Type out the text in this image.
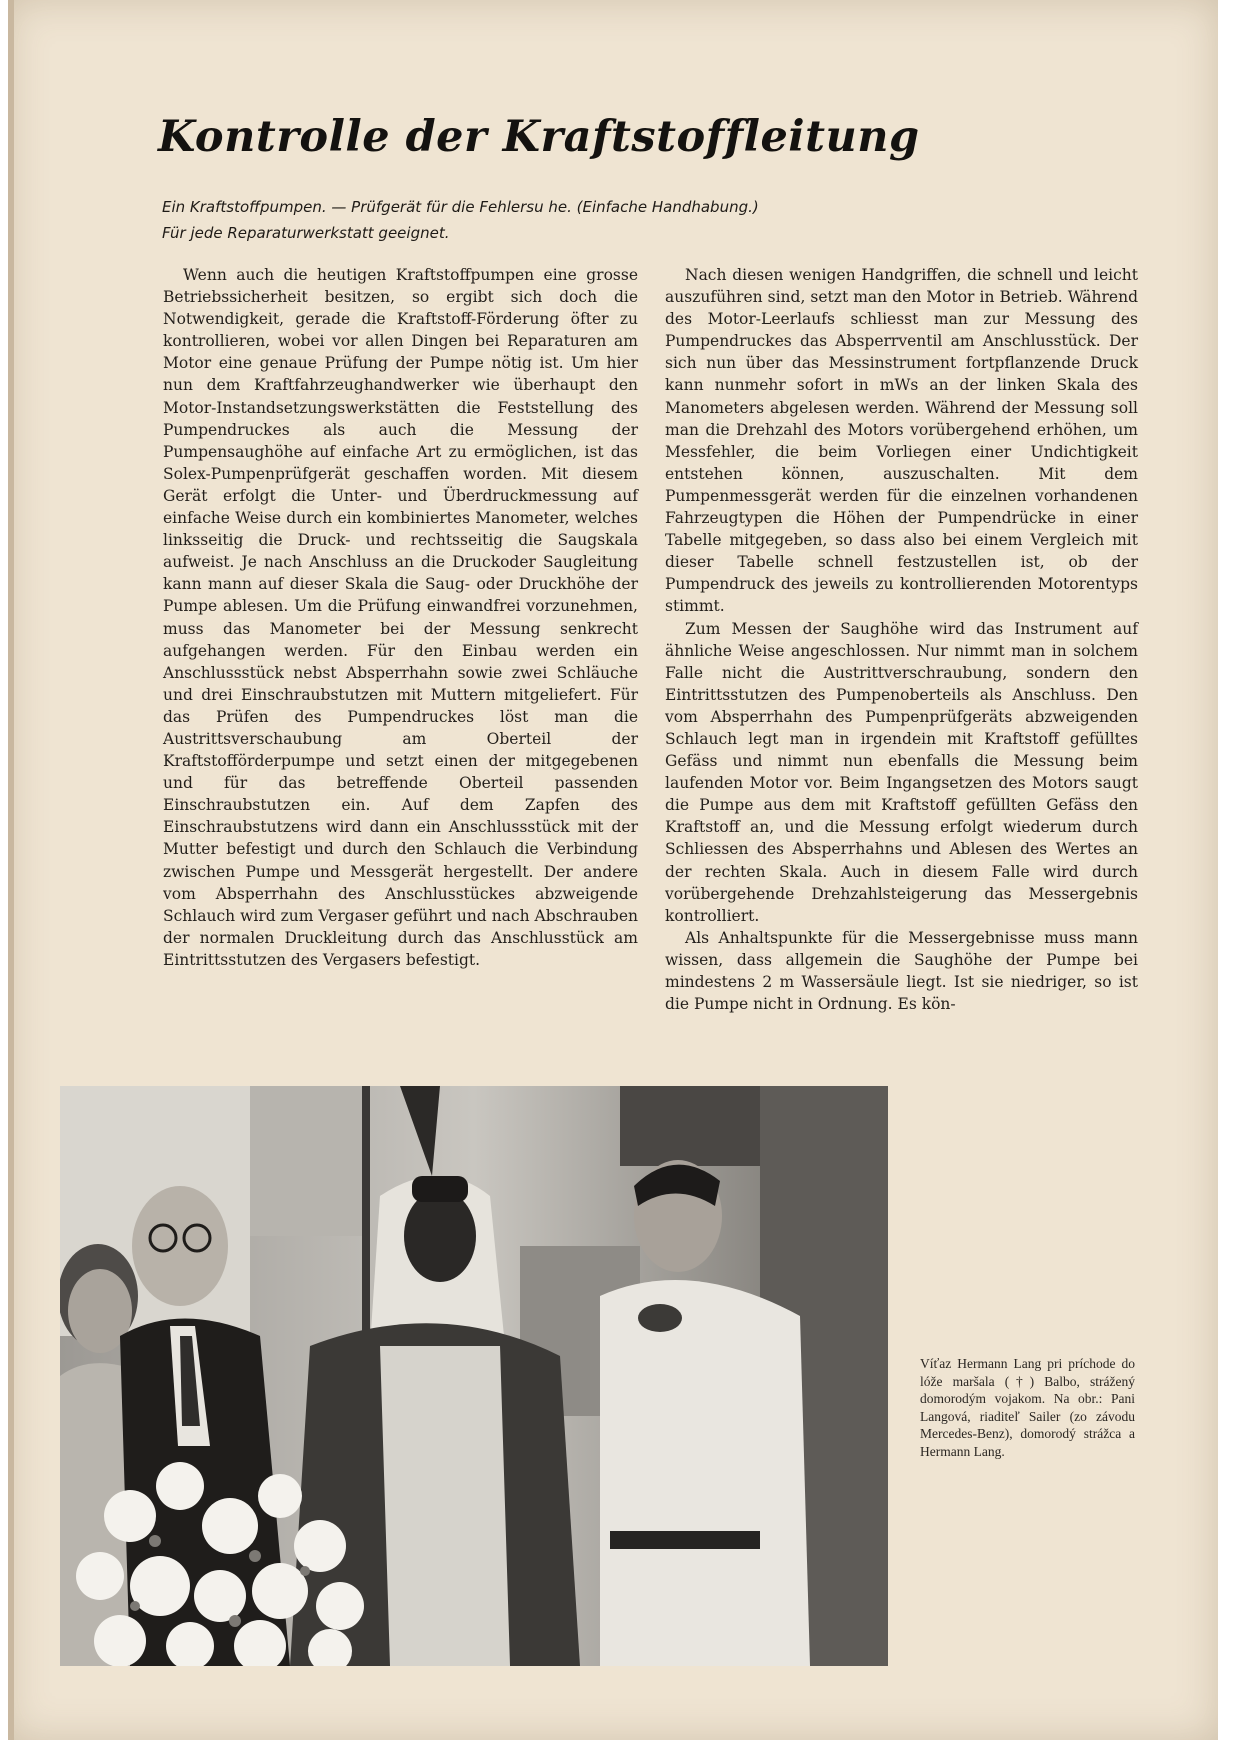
Kontrolle der Kraftstoffleitung

Ein Kraftstoffpumpen. — Prüfgerät für die Fehlersu he. (Einfache Handhabung.)

Für jede Reparaturwerkstatt geeignet.

Wenn auch die heutigen Kraftstoffpumpen eine grosse Betriebssicherheit besitzen, so ergibt sich doch die Notwendigkeit, gerade die Kraftstoff-Förderung öfter zu kontrollieren, wobei vor allen Dingen bei Reparaturen am Motor eine genaue Prüfung der Pumpe nötig ist. Um hier nun dem Kraftfahrzeughandwerker wie überhaupt den Motor-Instandsetzungswerkstätten die Feststellung des Pumpendruckes als auch die Messung der Pumpensaughöhe auf einfache Art zu ermöglichen, ist das Solex-Pumpenprüfgerät geschaffen worden. Mit diesem Gerät erfolgt die Unter- und Überdruckmessung auf einfache Weise durch ein kombiniertes Manometer, welches linksseitig die Druck- und rechtsseitig die Saugskala aufweist. Je nach Anschluss an die Druckoder Saugleitung kann mann auf dieser Skala die Saug- oder Druckhöhe der Pumpe ablesen. Um die Prüfung einwandfrei vorzunehmen, muss das Manometer bei der Messung senkrecht aufgehangen werden. Für den Einbau werden ein Anschlussstück nebst Absperrhahn sowie zwei Schläuche und drei Einschraubstutzen mit Muttern mitgeliefert. Für das Prüfen des Pumpendruckes löst man die Austrittsverschaubung am Oberteil der Kraftstofförderpumpe und setzt einen der mitgegebenen und für das betreffende Oberteil passenden Einschraubstutzen ein. Auf dem Zapfen des Einschraubstutzens wird dann ein Anschlussstück mit der Mutter befestigt und durch den Schlauch die Verbindung zwischen Pumpe und Messgerät hergestellt. Der andere vom Absperrhahn des Anschlusstückes abzweigende Schlauch wird zum Vergaser geführt und nach Abschrauben der normalen Druckleitung durch das Anschlusstück am Eintrittsstutzen des Vergasers befestigt.

Nach diesen wenigen Handgriffen, die schnell und leicht auszuführen sind, setzt man den Motor in Betrieb. Während des Motor-Leerlaufs schliesst man zur Messung des Pumpendruckes das Absperrventil am Anschlusstück. Der sich nun über das Messinstrument fortpflanzende Druck kann nunmehr sofort in mWs an der linken Skala des Manometers abgelesen werden. Während der Messung soll man die Drehzahl des Motors vorübergehend erhöhen, um Messfehler, die beim Vorliegen einer Undichtigkeit entstehen können, auszuschalten. Mit dem Pumpenmessgerät werden für die einzelnen vorhandenen Fahrzeugtypen die Höhen der Pumpendrücke in einer Tabelle mitgegeben, so dass also bei einem Vergleich mit dieser Tabelle schnell festzustellen ist, ob der Pumpendruck des jeweils zu kontrollierenden Motorentyps stimmt.

Zum Messen der Saughöhe wird das Instrument auf ähnliche Weise angeschlossen. Nur nimmt man in solchem Falle nicht die Austrittverschraubung, sondern den Eintrittsstutzen des Pumpenoberteils als Anschluss. Den vom Absperrhahn des Pumpenprüfgeräts abzweigenden Schlauch legt man in irgendein mit Kraftstoff gefülltes Gefäss und nimmt nun ebenfalls die Messung beim laufenden Motor vor. Beim Ingangsetzen des Motors saugt die Pumpe aus dem mit Kraftstoff gefüllten Gefäss den Kraftstoff an, und die Messung erfolgt wiederum durch Schliessen des Absperrhahns und Ablesen des Wertes an der rechten Skala. Auch in diesem Falle wird durch vorübergehende Drehzahlsteigerung das Messergebnis kontrolliert.

Als Anhaltspunkte für die Messergebnisse muss mann wissen, dass allgemein die Saughöhe der Pumpe bei mindestens 2 m Wassersäule liegt. Ist sie niedriger, so ist die Pumpe nicht in Ordnung. Es kön-

Víťaz Hermann Lang pri príchode do lóže maršala (†) Balbo, strážený domorodým vojakom. Na obr.: Pani Langová, riaditeľ Sailer (zo závodu Mercedes-Benz), domorodý strážca a Hermann Lang.
